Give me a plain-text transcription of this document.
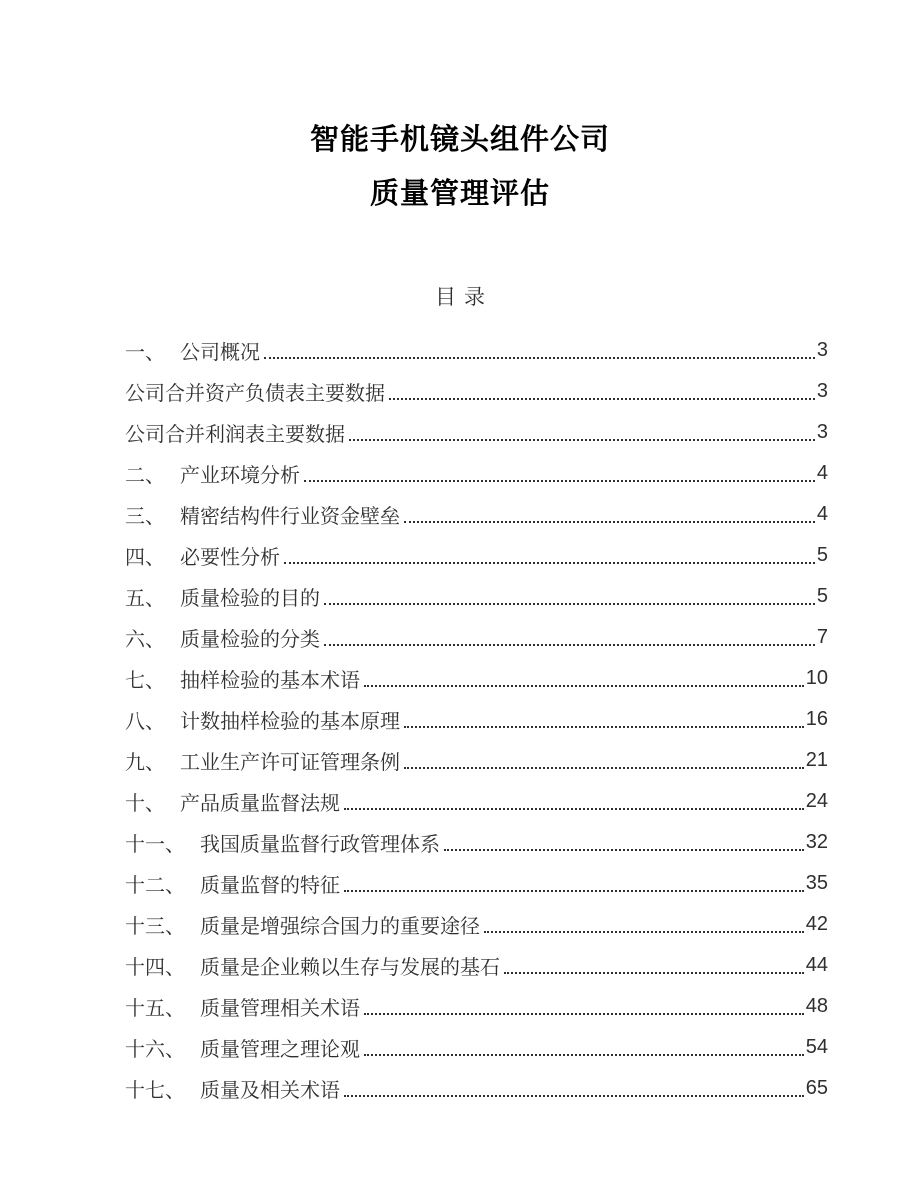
智能手机镜头组件公司
质量管理评估
目录
一、 公司概况	3
公司合并资产负债表主要数据	3
公司合并利润表主要数据	3
二、 产业环境分析	4
三、 精密结构件行业资金壁垒	4
四、 必要性分析	5
五、 质量检验的目的	5
六、 质量检验的分类	7
七、 抽样检验的基本术语	10
八、 计数抽样检验的基本原理	16
九、 工业生产许可证管理条例	21
十、 产品质量监督法规	24
十一、 我国质量监督行政管理体系	32
十二、 质量监督的特征	35
十三、 质量是增强综合国力的重要途径	42
十四、 质量是企业赖以生存与发展的基石	44
十五、 质量管理相关术语	48
十六、 质量管理之理论观	54
十七、 质量及相关术语	65
